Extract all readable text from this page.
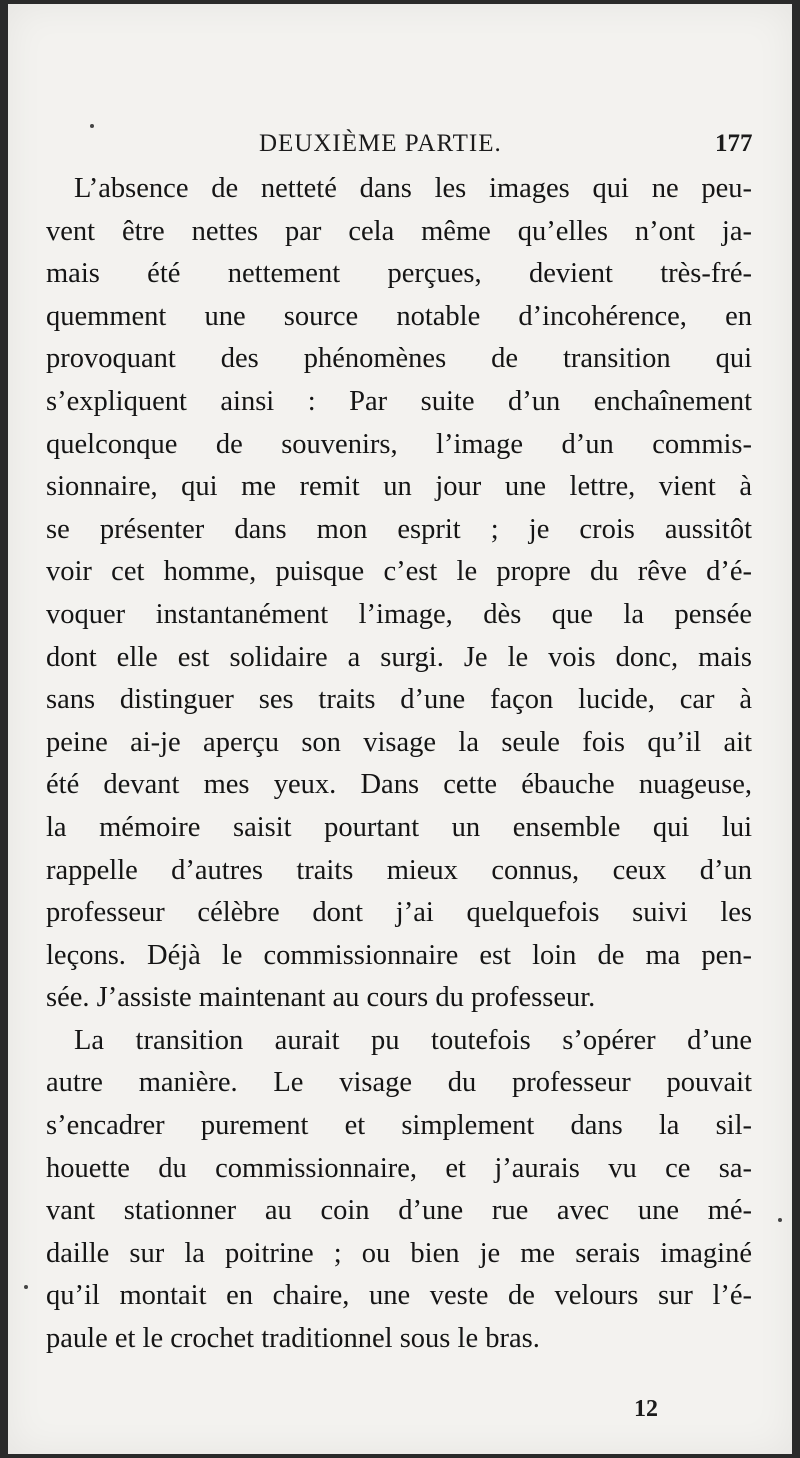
DEUXIÈME PARTIE.	177
L’absence de netteté dans les images qui ne peu-
vent être nettes par cela même qu’elles n’ont ja-
mais été nettement perçues, devient très-fré-
quemment une source notable d’incohérence, en
provoquant des phénomènes de transition qui
s’expliquent ainsi : Par suite d’un enchaînement
quelconque de souvenirs, l’image d’un commis-
sionnaire, qui me remit un jour une lettre, vient à
se présenter dans mon esprit ; je crois aussitôt
voir cet homme, puisque c’est le propre du rêve d’é-
voquer instantanément l’image, dès que la pensée
dont elle est solidaire a surgi. Je le vois donc, mais
sans distinguer ses traits d’une façon lucide, car à
peine ai-je aperçu son visage la seule fois qu’il ait
été devant mes yeux. Dans cette ébauche nuageuse,
la mémoire saisit pourtant un ensemble qui lui
rappelle d’autres traits mieux connus, ceux d’un
professeur célèbre dont j’ai quelquefois suivi les
leçons. Déjà le commissionnaire est loin de ma pen-
sée. J’assiste maintenant au cours du professeur.
La transition aurait pu toutefois s’opérer d’une
autre manière. Le visage du professeur pouvait
s’encadrer purement et simplement dans la sil-
houette du commissionnaire, et j’aurais vu ce sa-
vant stationner au coin d’une rue avec une mé-
daille sur la poitrine ; ou bien je me serais imaginé
qu’il montait en chaire, une veste de velours sur l’é-
paule et le crochet traditionnel sous le bras.
12
